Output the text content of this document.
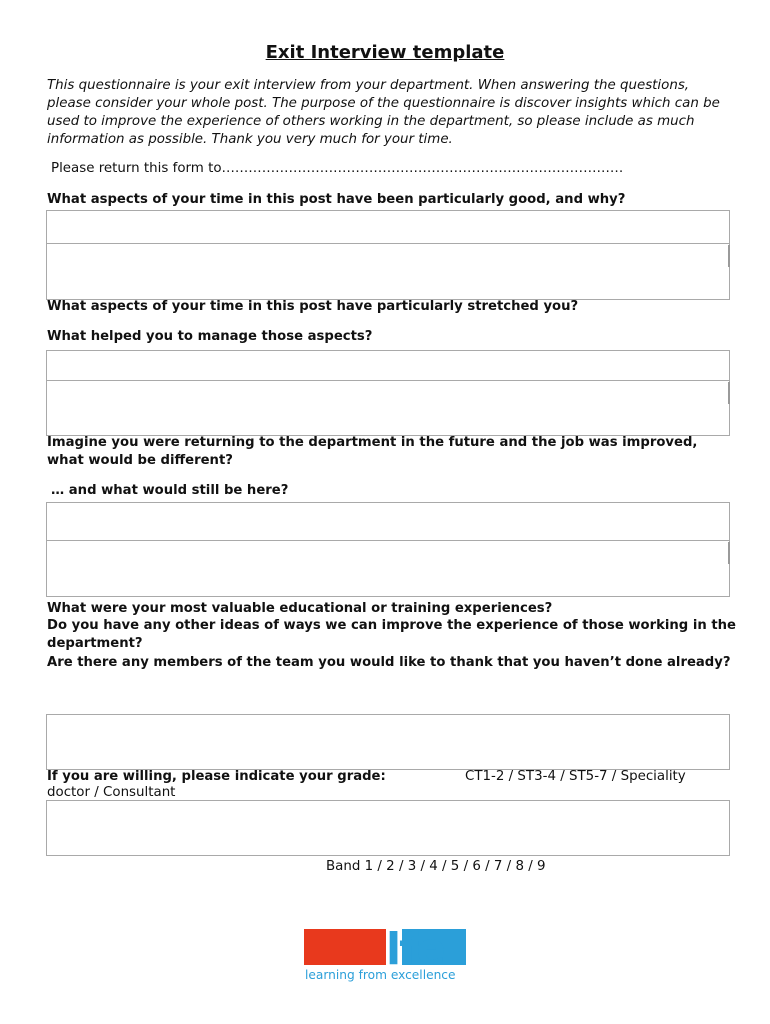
Exit Interview template
This questionnaire is your exit interview from your department. When answering the questions, please consider your whole post. The purpose of the questionnaire is discover insights which can be used to improve the experience of others working in the department, so please include as much information as possible. Thank you very much for your time.
Please return this form to………………………………………………………………………………
What aspects of your time in this post have been particularly good, and why?
What aspects of your time in this post have particularly stretched you?
What helped you to manage those aspects?
Imagine you were returning to the department in the future and the job was improved, what would be different?
… and what would still be here?
What were your most valuable educational or training experiences?
Do you have any other ideas of ways we can improve the experience of those working in the department?
Are there any members of the team you would like to thank that you haven’t done already?
If you are willing, please indicate your grade:	CT1-2 / ST3-4 / ST5-7 / Speciality
doctor / Consultant
Band 1 / 2 / 3 / 4 / 5 / 6 / 7 / 8 / 9
lfe
learning from excellence
